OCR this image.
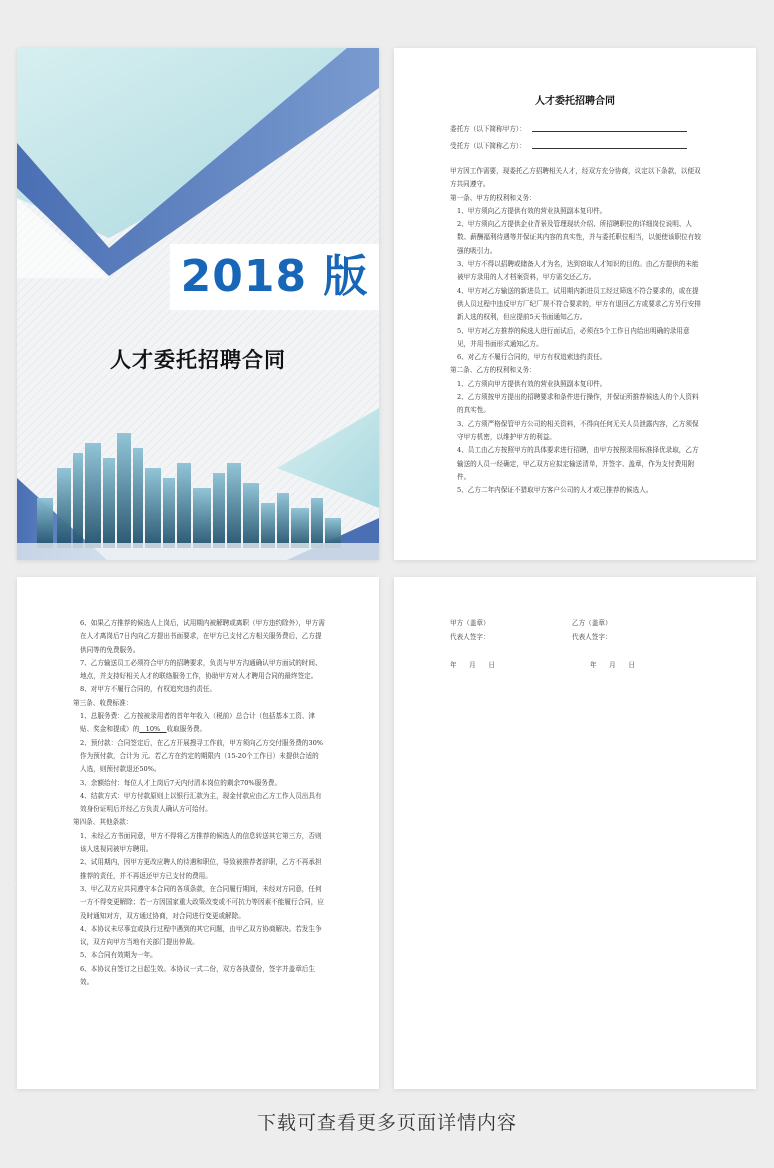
2018 版
人才委托招聘合同
人才委托招聘合同
委托方（以下简称甲方）：
受托方（以下简称乙方）：

甲方因工作需要，现委托乙方招聘相关人才，经双方充分协商，议定以下条款，以便双方共同遵守。

第一条、甲方的权利和义务：

1、甲方须向乙方提供有效的营业执照副本复印件。

2、甲方须向乙方提供企业背景及管理现状介绍、所招聘职位的详细岗位说明、人数、薪酬福利待遇等并保证其内容的真实性，并与委托职位相当，以便使该职位有较强的吸引力。

3、甲方不得以招聘或储备人才为名，达到窃取人才知识的目的。由乙方提供的未能被甲方录用的人才档案资料，甲方需交还乙方。

4、甲方对乙方输送的新进员工，试用期内新进员工经过筛选不符合要求的，或在提供人员过程中违反甲方厂纪厂规不符合要求的，甲方有退回乙方或要求乙方另行安排新人选的权利，但应提前5天书面通知乙方。

5、甲方对乙方推荐的候选人进行面试后，必须在5个工作日内给出明确的录用意见，并用书面形式通知乙方。

6、对乙方不履行合同的，甲方有权追索违约责任。

第二条、乙方的权利和义务：

1、乙方须向甲方提供有效的营业执照副本复印件。

2、乙方须按甲方提出的招聘要求和条件进行操作，并保证所推荐候选人的个人资料的真实性。

3、乙方须严格保管甲方公司的相关资料，不得向任何无关人员泄露内容，乙方须保守甲方机密，以维护甲方的利益。

4、员工由乙方按照甲方的具体要求进行招聘，由甲方按照录用标准择优录取，乙方输送的人员一经确定，甲乙双方应拟定输送清单，并签字、盖章，作为支付费用附件。

5、乙方二年内保证不猎取甲方客户公司的人才或已推荐的候选人。

6、如果乙方推荐的候选人上岗后，试用期内被解聘或离职（甲方违约除外），甲方需在人才离岗后7日内向乙方提出书面要求，在甲方已支付乙方相关服务费后，乙方提供同等的免费服务。

7、乙方输送员工必须符合甲方的招聘要求，负责与甲方沟通确认甲方面试的时间、地点，并支持好相关人才的联络服务工作，协助甲方对人才聘用合同的最终签定。

8、对甲方不履行合同的，有权追究违约责任。

第三条、收费标准：

1、总服务费：乙方按被录用者的首年年收入（税前）总合计（包括基本工资、津贴、奖金和提成）的   10%   收取服务费。

2、预付款：合同签定后，在乙方开展搜寻工作前，甲方须向乙方交付服务费的30%作为预付款，合计为 元。若乙方在约定的期限内（15-20个工作日）未提供合适的人选，则预付款退还50%。

3、余额给付：每位人才上岗后7天内付清本岗位的剩余70%服务费。

4、结款方式：甲方付款原则上以银行汇款为主，现金付款应由乙方工作人员出具有效身份证明后并经乙方负责人确认方可给付。

第四条、其他条款：

1、未经乙方书面同意，甲方不得将乙方推荐的候选人的信息转送其它第三方，否则该人选视同被甲方聘用。

2、试用期内，因甲方更改应聘人的待遇和职位，导致被推荐者辞职，乙方不再承担推荐的责任，并不再返还甲方已支付的费用。

3、甲乙双方应共同遵守本合同的各项条款，在合同履行期间，未经对方同意，任何一方不得变更解除；若一方因国家重大政策改变或不可抗力等因素不能履行合同，应及时通知对方，双方通过协商，对合同进行变更或解除。

4、本协议未尽事宜或执行过程中遇到的其它问题，由甲乙双方协商解决。若发生争议，双方向甲方当地有关部门提出仲裁。

5、本合同有效期为一年。

6、本协议自签订之日起生效。本协议一式二份，双方各执壹份，签字并盖章后生效。

·
甲方（盖章）	乙方（盖章）
代表人签字：	代表人签字：
年      月      日	年      月      日
下载可查看更多页面详情内容
